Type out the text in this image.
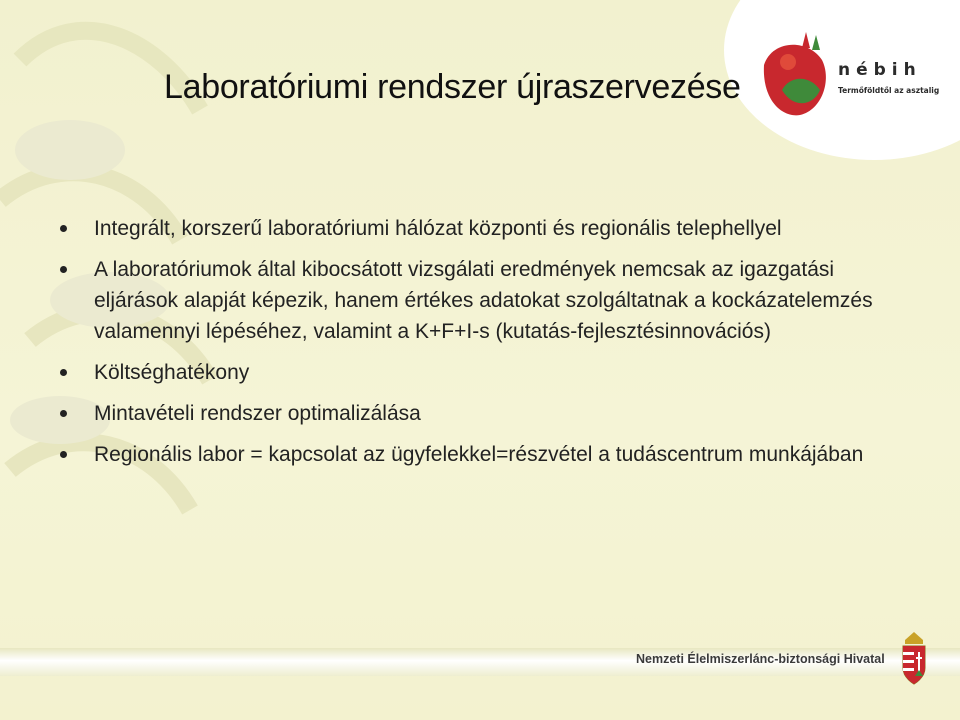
nébih
Termőföldtől az asztalig
Laboratóriumi rendszer újraszervezése
Integrált, korszerű laboratóriumi hálózat központi és regionális telephellyel
A laboratóriumok által kibocsátott vizsgálati eredmények nemcsak az igazgatási eljárások alapját képezik, hanem értékes adatokat szolgáltatnak a kockázatelemzés valamennyi lépéséhez, valamint a K+F+I-s (kutatás-fejlesztésinnovációs)
Költséghatékony
Mintavételi rendszer optimalizálása
Regionális labor = kapcsolat az ügyfelekkel=részvétel a tudáscentrum munkájában
Nemzeti Élelmiszerlánc-biztonsági Hivatal
